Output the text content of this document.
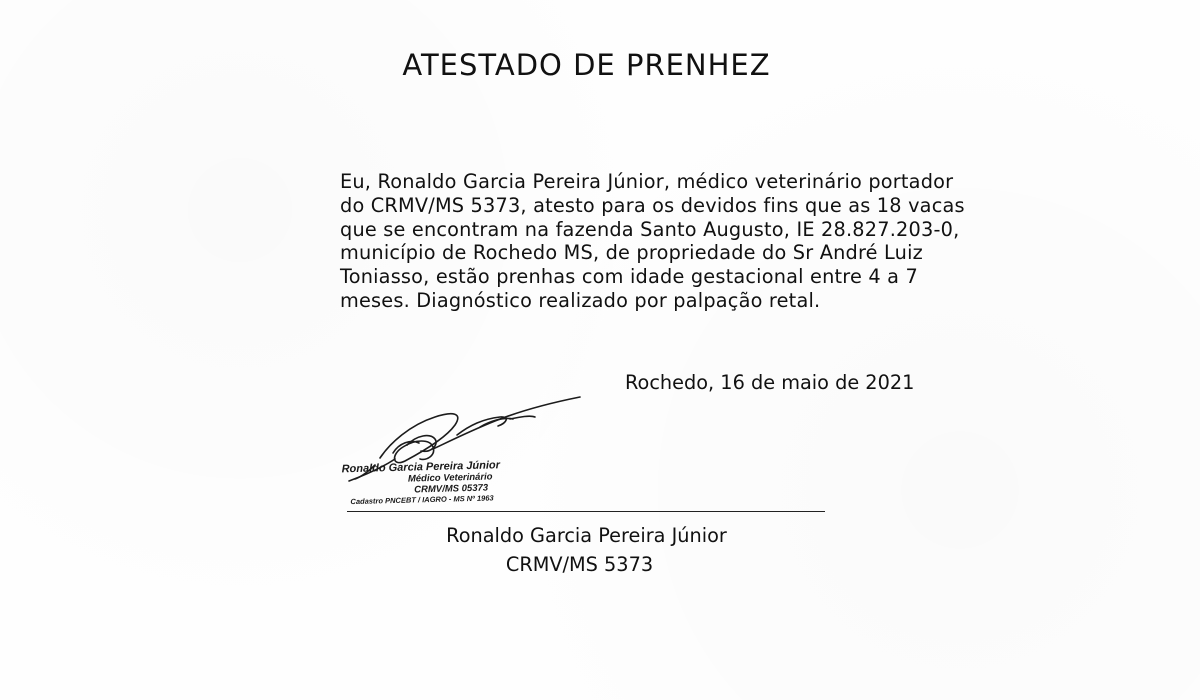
ATESTADO DE PRENHEZ

Eu, Ronaldo Garcia Pereira Júnior, médico veterinário portador
do CRMV/MS 5373, atesto para os devidos fins que as 18 vacas
que se encontram na fazenda Santo Augusto, IE 28.827.203-0,
município de Rochedo MS, de propriedade do Sr André Luiz
Toniasso, estão prenhas com idade gestacional entre 4 a 7
meses. Diagnóstico realizado por palpação retal.

Rochedo, 16 de maio de 2021
Ronaldo Garcia Pereira Júnior
Médico Veterinário
CRMV/MS 05373
Cadastro PNCEBT / IAGRO - MS Nº 1963
Ronaldo Garcia Pereira Júnior
CRMV/MS 5373
